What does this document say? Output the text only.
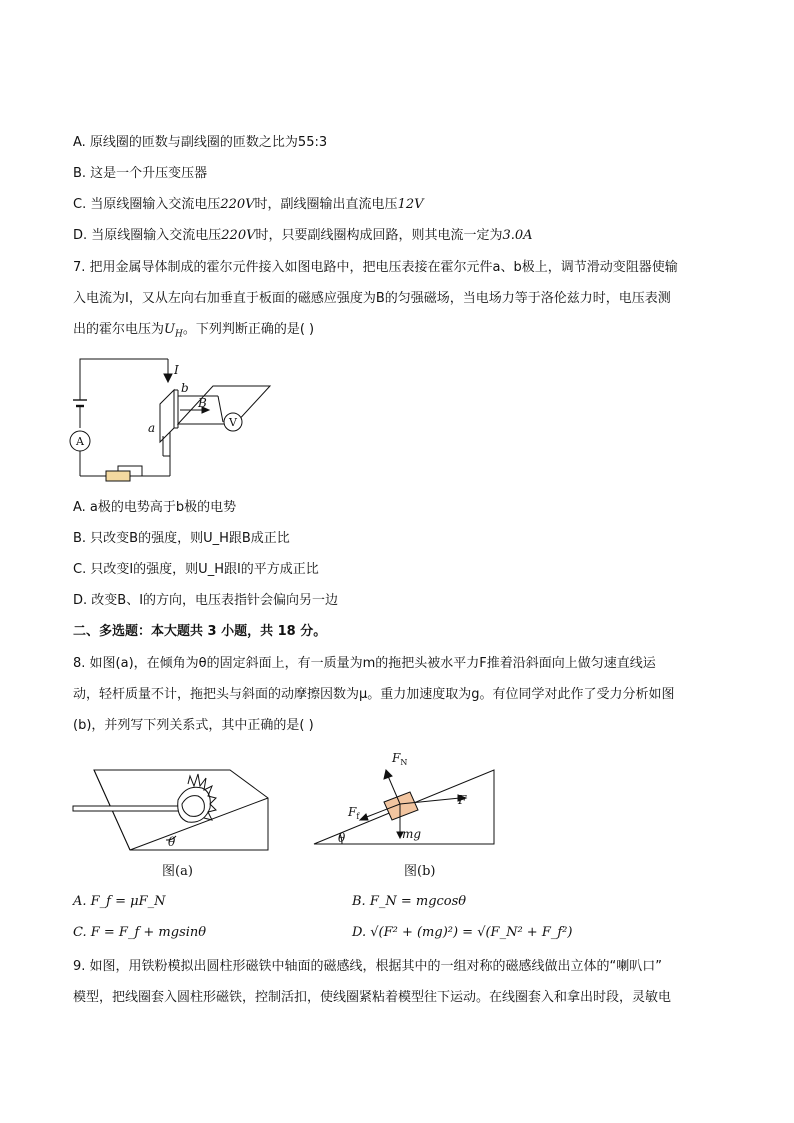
A. 原线圈的匝数与副线圈的匝数之比为55:3
B. 这是一个升压变压器
C. 当原线圈输入交流电压220V时，副线圈输出直流电压12V
D. 当原线圈输入交流电压220V时，只要副线圈构成回路，则其电流一定为3.0A
7. 把用金属导体制成的霍尔元件接入如图电路中，把电压表接在霍尔元件a、b极上，调节滑动变阻器使输
入电流为I，又从左向右加垂直于板面的磁感应强度为B的匀强磁场，当电场力等于洛伦兹力时，电压表测
出的霍尔电压为$U_H$。下列判断正确的是( )
I
b
B
a
A
V
A. a极的电势高于b极的电势
B. 只改变B的强度，则U_H跟B成正比
C. 只改变I的强度，则U_H跟I的平方成正比
D. 改变B、I的方向，电压表指针会偏向另一边
二、多选题：本大题共 3 小题，共 18 分。
8. 如图(a)，在倾角为θ的固定斜面上，有一质量为m的拖把头被水平力F推着沿斜面向上做匀速直线运
动，轻杆质量不计，拖把头与斜面的动摩擦因数为μ。重力加速度取为g。有位同学对此作了受力分析如图
(b)，并列写下列关系式，其中正确的是( )
θ
图(a)
$F_N$
$F_f$
F
mg
θ
图(b)
A. F_f = μF_N	B. F_N = mgcosθ
C. F = F_f + mgsinθ	D. √(F² + (mg)²) = √(F_N² + F_f²)
9. 如图，用铁粉模拟出圆柱形磁铁中轴面的磁感线，根据其中的一组对称的磁感线做出立体的“喇叭口”
模型，把线圈套入圆柱形磁铁，控制活扣，使线圈紧粘着模型往下运动。在线圈套入和拿出时段，灵敏电
